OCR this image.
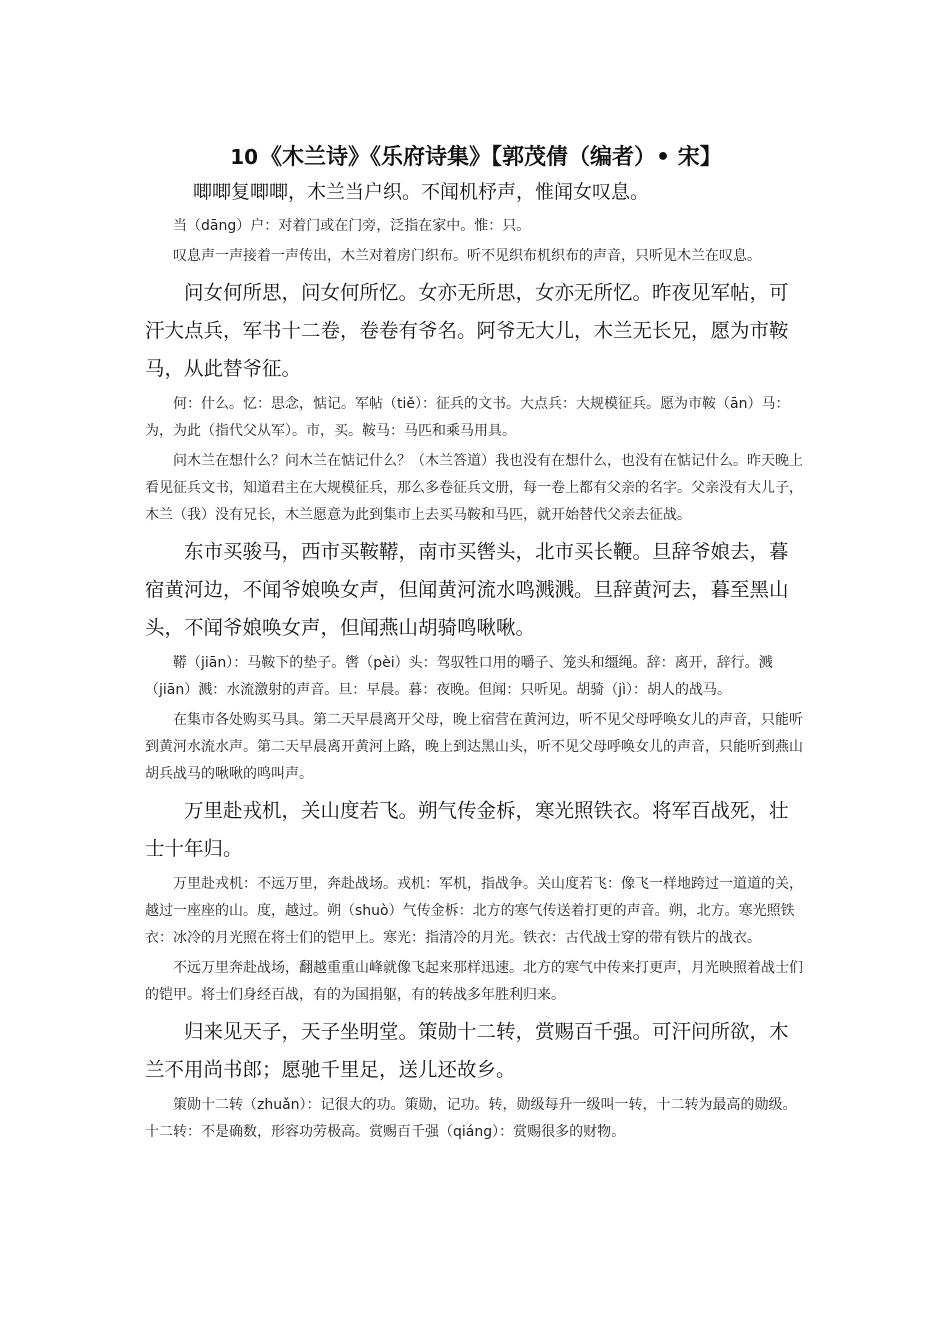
10《木兰诗》《乐府诗集》【郭茂倩（编者）• 宋】

唧唧复唧唧，木兰当户织。不闻机杼声，惟闻女叹息。

当（dāng）户：对着门或在门旁，泛指在家中。惟：只。

叹息声一声接着一声传出，木兰对着房门织布。听不见织布机织布的声音，只听见木兰在叹息。

问女何所思，问女何所忆。女亦无所思，女亦无所忆。昨夜见军帖，可汗大点兵，军书十二卷，卷卷有爷名。阿爷无大儿，木兰无长兄，愿为市鞍马，从此替爷征。

何：什么。忆：思念，惦记。军帖（tiě）：征兵的文书。大点兵：大规模征兵。愿为市鞍（ān）马：为，为此（指代父从军）。市，买。鞍马：马匹和乘马用具。

问木兰在想什么？问木兰在惦记什么？（木兰答道）我也没有在想什么，也没有在惦记什么。昨天晚上看见征兵文书，知道君主在大规模征兵，那么多卷征兵文册，每一卷上都有父亲的名字。父亲没有大儿子，木兰（我）没有兄长，木兰愿意为此到集市上去买马鞍和马匹，就开始替代父亲去征战。

东市买骏马，西市买鞍鞯，南市买辔头，北市买长鞭。旦辞爷娘去，暮宿黄河边，不闻爷娘唤女声，但闻黄河流水鸣溅溅。旦辞黄河去，暮至黑山头，不闻爷娘唤女声，但闻燕山胡骑鸣啾啾。

鞯（jiān）：马鞍下的垫子。辔（pèi）头：驾驭牲口用的嚼子、笼头和缰绳。辞：离开，辞行。溅（jiān）溅：水流激射的声音。旦：早晨。暮：夜晚。但闻：只听见。胡骑（jì）：胡人的战马。

在集市各处购买马具。第二天早晨离开父母，晚上宿营在黄河边，听不见父母呼唤女儿的声音，只能听到黄河水流水声。第二天早晨离开黄河上路，晚上到达黑山头，听不见父母呼唤女儿的声音，只能听到燕山胡兵战马的啾啾的鸣叫声。

万里赴戎机，关山度若飞。朔气传金柝，寒光照铁衣。将军百战死，壮士十年归。

万里赴戎机：不远万里，奔赴战场。戎机：军机，指战争。关山度若飞：像飞一样地跨过一道道的关，越过一座座的山。度，越过。朔（shuò）气传金柝：北方的寒气传送着打更的声音。朔，北方。寒光照铁衣：冰冷的月光照在将士们的铠甲上。寒光：指清冷的月光。铁衣：古代战士穿的带有铁片的战衣。

不远万里奔赴战场，翻越重重山峰就像飞起来那样迅速。北方的寒气中传来打更声，月光映照着战士们的铠甲。将士们身经百战，有的为国捐躯，有的转战多年胜利归来。

归来见天子，天子坐明堂。策勋十二转，赏赐百千强。可汗问所欲，木兰不用尚书郎；愿驰千里足，送儿还故乡。

策勋十二转（zhuǎn）：记很大的功。策勋，记功。转，勋级每升一级叫一转，十二转为最高的勋级。十二转：不是确数，形容功劳极高。赏赐百千强（qiáng）：赏赐很多的财物。
